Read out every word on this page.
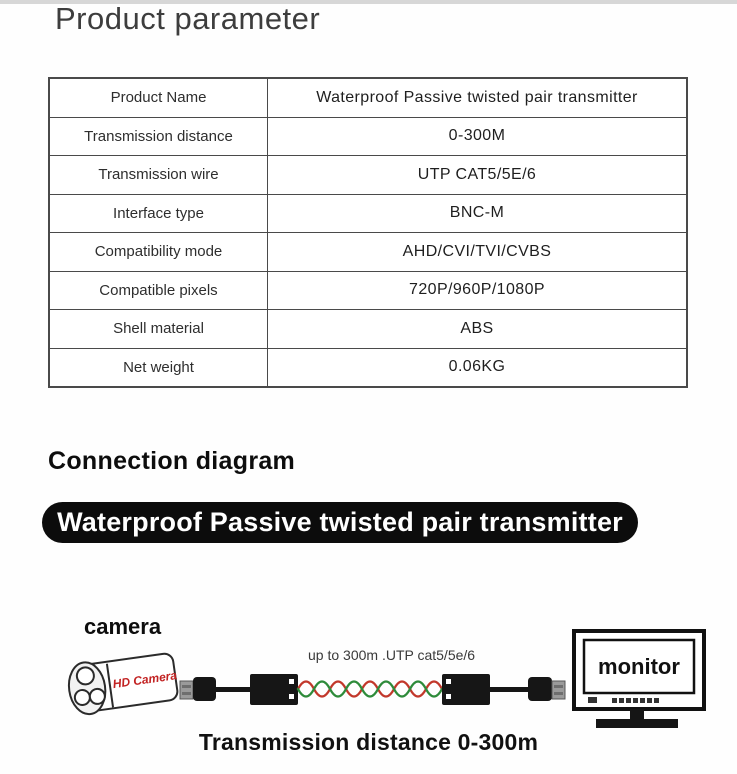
Product parameter
Product Name	Waterproof Passive twisted pair transmitter
Transmission distance	0-300M
Transmission wire	UTP CAT5/5E/6
Interface type	BNC-M
Compatibility mode	AHD/CVI/TVI/CVBS
Compatible pixels	720P/960P/1080P
Shell material	ABS
Net weight	0.06KG
Connection diagram
Waterproof Passive twisted pair transmitter
camera
HD Camera
up to 300m .UTP cat5/5e/6	monitor
Transmission distance 0-300m
